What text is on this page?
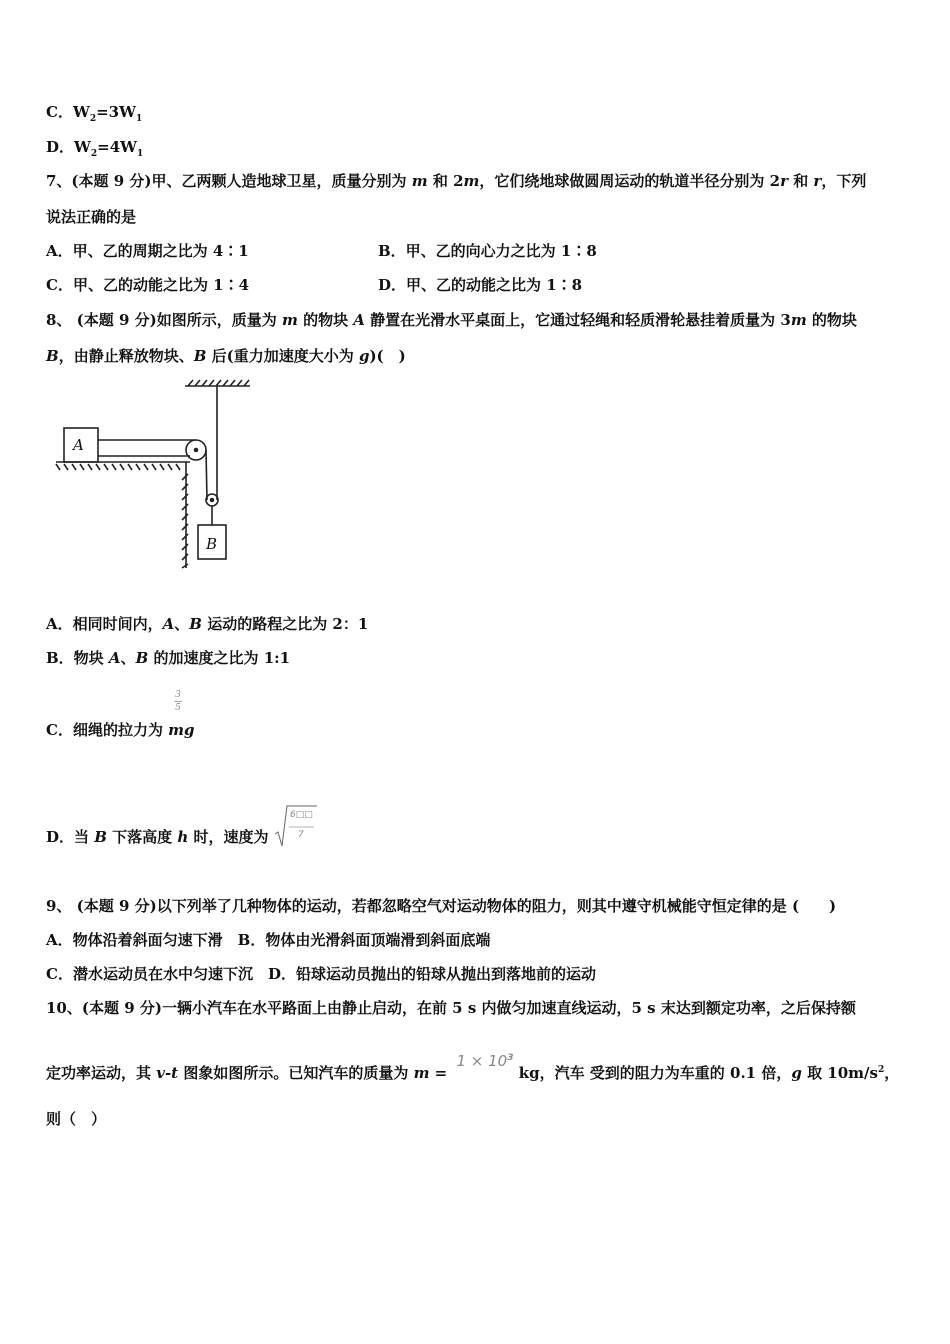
C．$W_2=3W_1$
D．$W_2=4W_1$
7、(本题 9 分)甲、乙两颗人造地球卫星，质量分别为 m 和 2m，它们绕地球做圆周运动的轨道半径分别为 2r 和 r，下列
说法正确的是
A．甲、乙的周期之比为 4∶1	B．甲、乙的向心力之比为 1∶8
C．甲、乙的动能之比为 1∶4	D．甲、乙的动能之比为 1∶8
8、 (本题 9 分)如图所示，质量为 m 的物块 A 静置在光滑水平桌面上，它通过轻绳和轻质滑轮悬挂着质量为 3m 的物块
B，由静止释放物块、B 后(重力加速度大小为 g)(　)
A
B
A．相同时间内，A、B 运动的路程之比为 2：1
B．物块 A、B 的加速度之比为 1:1
3
5
C．细绳的拉力为 mg
D．当 B 下落高度 h 时，速度为
6□□
7
9、 (本题 9 分)以下列举了几种物体的运动，若都忽略空气对运动物体的阻力，则其中遵守机械能守恒定律的是 (　　)
A．物体沿着斜面匀速下滑　B．物体由光滑斜面顶端滑到斜面底端
C．潜水运动员在水中匀速下沉　D．铅球运动员抛出的铅球从抛出到落地前的运动
10、(本题 9 分)一辆小汽车在水平路面上由静止启动，在前 5 s 内做匀加速直线运动，5 s 末达到额定功率，之后保持额
定功率运动，其 v-t 图象如图所示。已知汽车的质量为 $m = 1 \times 10^3$ kg，汽车 受到的阻力为车重的 0.1 倍，g 取 $10m/s^2$，
则（　）
